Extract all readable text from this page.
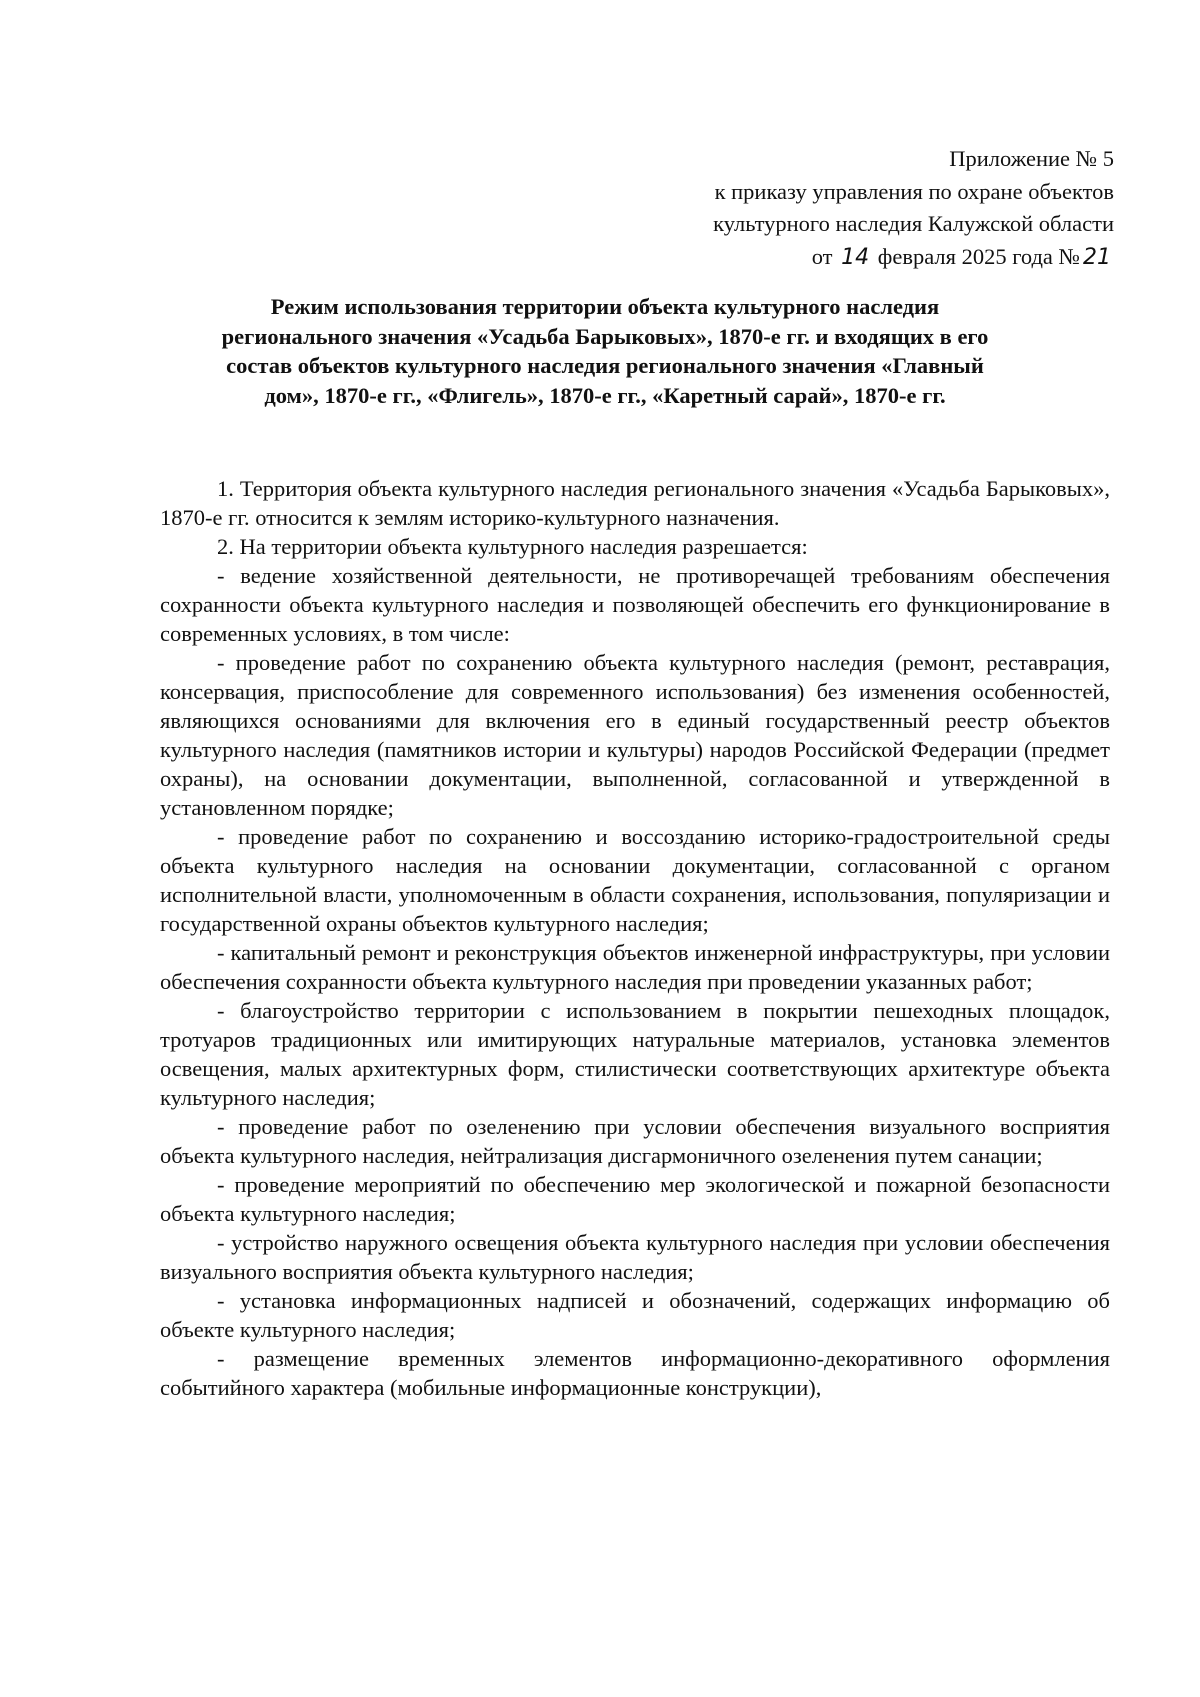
Приложение № 5
к приказу управления по охране объектов
культурного наследия Калужской области
от 14 февраля 2025 года № 21
Режим использования территории объекта культурного наследия
регионального значения «Усадьба Барыковых», 1870-е гг. и входящих в его
состав объектов культурного наследия регионального значения «Главный
дом», 1870-е гг., «Флигель», 1870-е гг., «Каретный сарай», 1870-е гг.

1. Территория объекта культурного наследия регионального значения «Усадьба Барыковых», 1870-е гг. относится к землям историко-культурного назначения.

2. На территории объекта культурного наследия разрешается:

- ведение хозяйственной деятельности, не противоречащей требованиям обеспечения сохранности объекта культурного наследия и позволяющей обеспечить его функционирование в современных условиях, в том числе:

- проведение работ по сохранению объекта культурного наследия (ремонт, реставрация, консервация, приспособление для современного использования) без изменения особенностей, являющихся основаниями для включения его в единый государственный реестр объектов культурного наследия (памятников истории и культуры) народов Российской Федерации (предмет охраны), на основании документации, выполненной, согласованной и утвержденной в установленном порядке;

- проведение работ по сохранению и воссозданию историко-градостроительной среды объекта культурного наследия на основании документации, согласованной с органом исполнительной власти, уполномоченным в области сохранения, использования, популяризации и государственной охраны объектов культурного наследия;

- капитальный ремонт и реконструкция объектов инженерной инфраструктуры, при условии обеспечения сохранности объекта культурного наследия при проведении указанных работ;

- благоустройство территории с использованием в покрытии пешеходных площадок, тротуаров традиционных или имитирующих натуральные материалов, установка элементов освещения, малых архитектурных форм, стилистически соответствующих архитектуре объекта культурного наследия;

- проведение работ по озеленению при условии обеспечения визуального восприятия объекта культурного наследия, нейтрализация дисгармоничного озеленения путем санации;

- проведение мероприятий по обеспечению мер экологической и пожарной безопасности объекта культурного наследия;

- устройство наружного освещения объекта культурного наследия при условии обеспечения визуального восприятия объекта культурного наследия;

- установка информационных надписей и обозначений, содержащих информацию об объекте культурного наследия;

- размещение временных элементов информационно-декоративного оформления событийного характера (мобильные информационные конструкции),
